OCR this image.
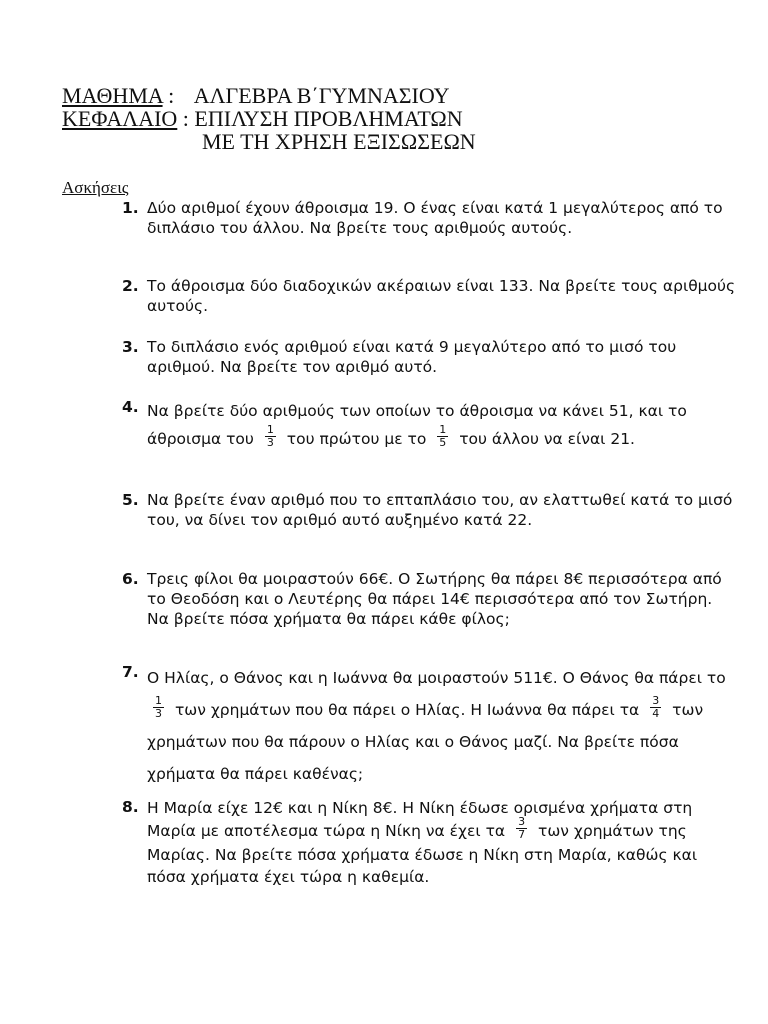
ΜΑΘΗΜΑ : ΑΛΓΕΒΡΑ Β΄ΓΥΜΝΑΣΙΟΥ
ΚΕΦΑΛΑΙΟ : ΕΠΙΛΥΣΗ ΠΡΟΒΛΗΜΑΤΩΝ
ΜΕ ΤΗ ΧΡΗΣΗ ΕΞΙΣΩΣΕΩΝ
Ασκήσεις
1. Δύο αριθμοί έχουν άθροισμα 19. Ο ένας είναι κατά 1 μεγαλύτερος από το διπλάσιο του άλλου. Να βρείτε τους αριθμούς αυτούς.
2. Το άθροισμα δύο διαδοχικών ακέραιων είναι 133. Να βρείτε τους αριθμούς αυτούς.
3. Το διπλάσιο ενός αριθμού είναι κατά 9 μεγαλύτερο από το μισό του αριθμού. Να βρείτε τον αριθμό αυτό.
4. Να βρείτε δύο αριθμούς των οποίων το άθροισμα να κάνει 51, και το άθροισμα του $\frac{1}{3}$ του πρώτου με το $\frac{1}{5}$ του άλλου να είναι 21.
5. Να βρείτε έναν αριθμό που το επταπλάσιο του, αν ελαττωθεί κατά το μισό του, να δίνει τον αριθμό αυτό αυξημένο κατά 22.
6. Τρεις φίλοι θα μοιραστούν 66€. Ο Σωτήρης θα πάρει 8€ περισσότερα από το Θεοδόση και ο Λευτέρης θα πάρει 14€ περισσότερα από τον Σωτήρη. Να βρείτε πόσα χρήματα θα πάρει κάθε φίλος;
7. Ο Ηλίας, ο Θάνος και η Ιωάννα θα μοιραστούν 511€. Ο Θάνος θα πάρει το
$\frac{1}{3}$ των χρημάτων που θα πάρει ο Ηλίας. Η Ιωάννα θα πάρει τα $\frac{3}{4}$ των χρημάτων που θα πάρουν ο Ηλίας και ο Θάνος μαζί. Να βρείτε πόσα χρήματα θα πάρει καθένας;
8. Η Μαρία είχε 12€ και η Νίκη 8€. Η Νίκη έδωσε ορισμένα χρήματα στη Μαρία με αποτέλεσμα τώρα η Νίκη να έχει τα $\frac{3}{7}$ των χρημάτων της Μαρίας. Να βρείτε πόσα χρήματα έδωσε η Νίκη στη Μαρία, καθώς και πόσα χρήματα έχει τώρα η καθεμία.
